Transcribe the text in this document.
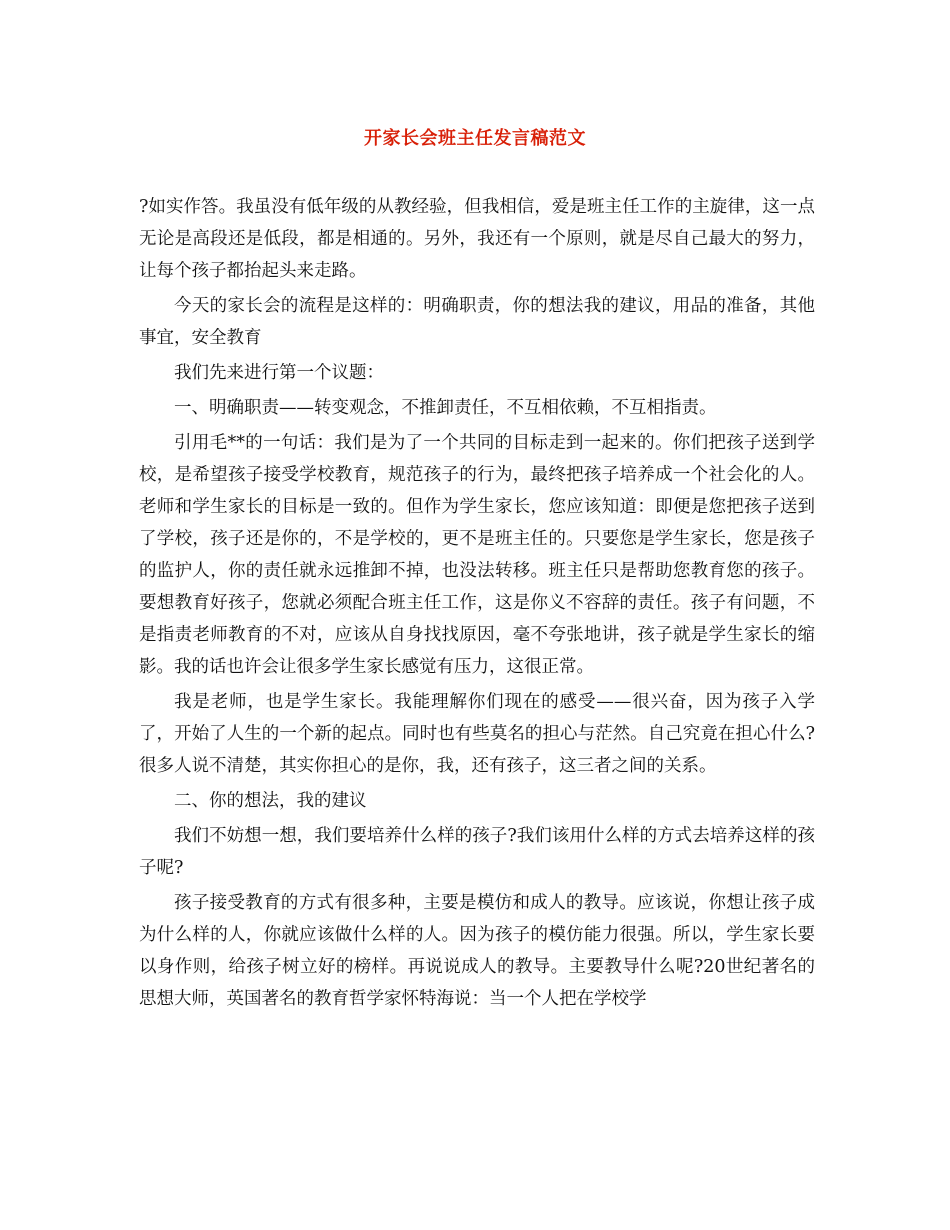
开家长会班主任发言稿范文

?如实作答。我虽没有低年级的从教经验，但我相信，爱是班主任工作的主旋律，这一点无论是高段还是低段，都是相通的。另外，我还有一个原则，就是尽自己最大的努力，让每个孩子都抬起头来走路。

今天的家长会的流程是这样的：明确职责，你的想法我的建议，用品的准备，其他事宜，安全教育

我们先来进行第一个议题：

一、明确职责——转变观念，不推卸责任，不互相依赖，不互相指责。

引用毛**的一句话：我们是为了一个共同的目标走到一起来的。你们把孩子送到学校，是希望孩子接受学校教育，规范孩子的行为，最终把孩子培养成一个社会化的人。老师和学生家长的目标是一致的。但作为学生家长，您应该知道：即便是您把孩子送到了学校，孩子还是你的，不是学校的，更不是班主任的。只要您是学生家长，您是孩子的监护人，你的责任就永远推卸不掉，也没法转移。班主任只是帮助您教育您的孩子。要想教育好孩子，您就必须配合班主任工作，这是你义不容辞的责任。孩子有问题，不是指责老师教育的不对，应该从自身找找原因，毫不夸张地讲，孩子就是学生家长的缩影。我的话也许会让很多学生家长感觉有压力，这很正常。

我是老师，也是学生家长。我能理解你们现在的感受——很兴奋，因为孩子入学了，开始了人生的一个新的起点。同时也有些莫名的担心与茫然。自己究竟在担心什么?很多人说不清楚，其实你担心的是你，我，还有孩子，这三者之间的关系。

二、你的想法，我的建议

我们不妨想一想，我们要培养什么样的孩子?我们该用什么样的方式去培养这样的孩子呢?

孩子接受教育的方式有很多种，主要是模仿和成人的教导。应该说，你想让孩子成为什么样的人，你就应该做什么样的人。因为孩子的模仿能力很强。所以，学生家长要以身作则，给孩子树立好的榜样。再说说成人的教导。主要教导什么呢?20世纪著名的思想大师，英国著名的教育哲学家怀特海说：当一个人把在学校学
